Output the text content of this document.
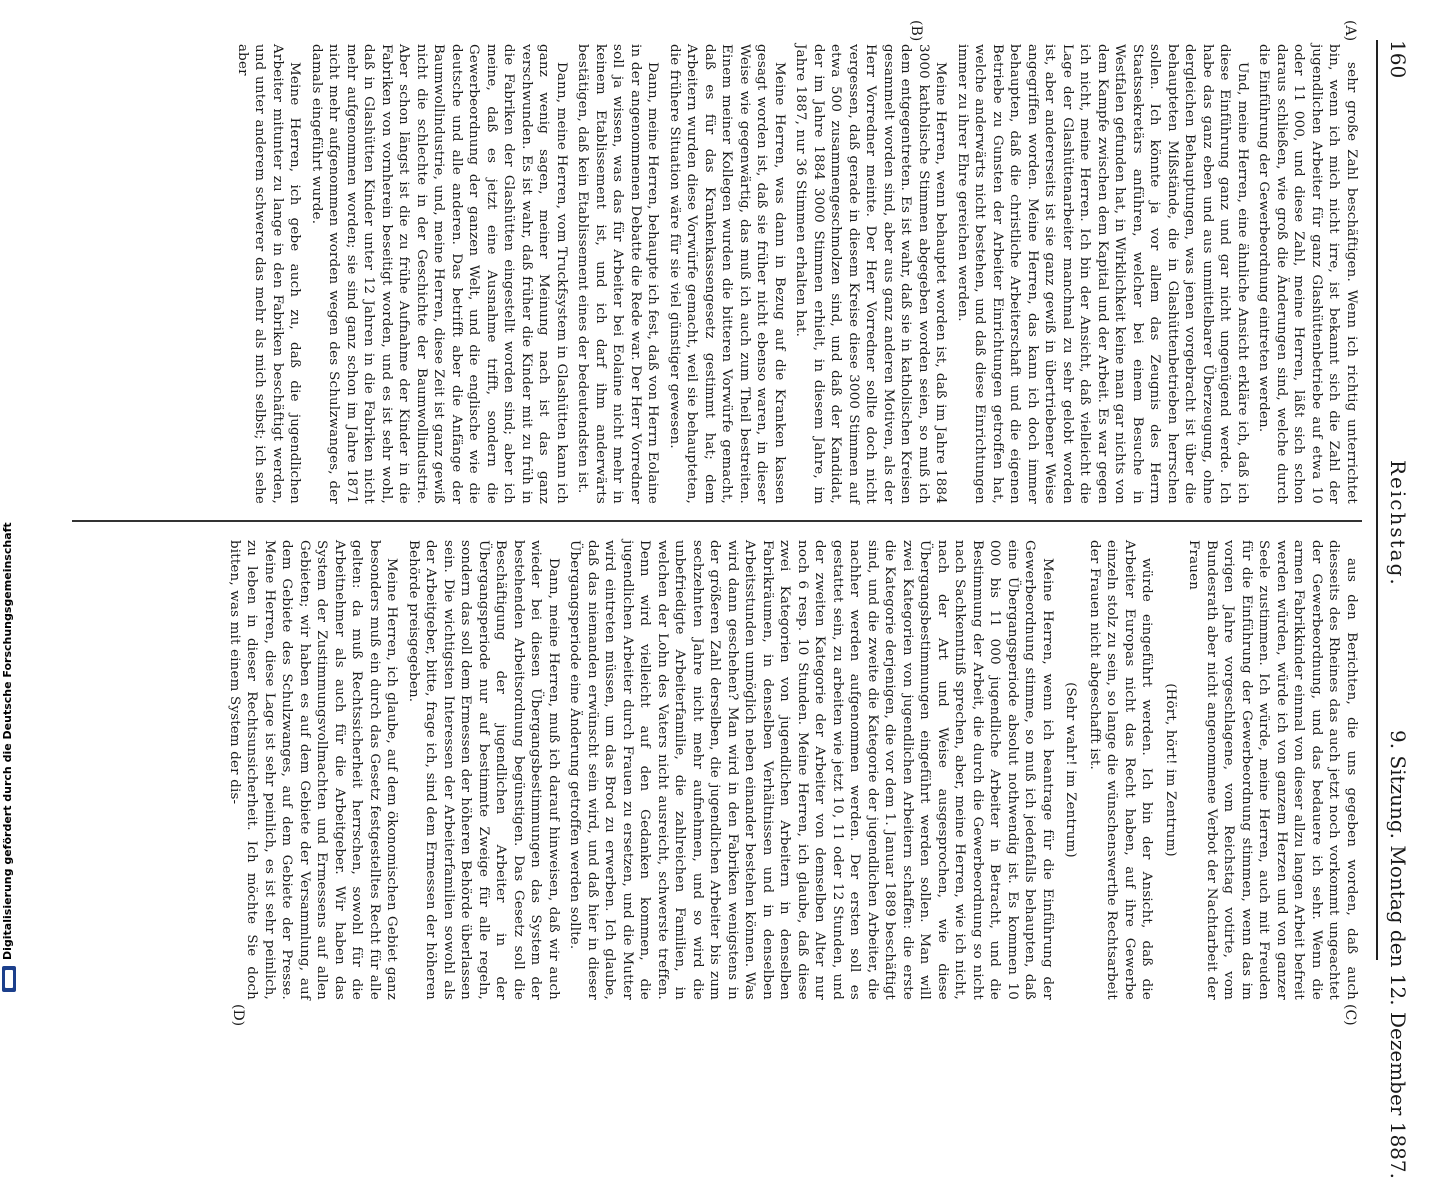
Digitalisierung gefördert durch die Deutsche Forschungsgemeinschaft
160
Reichstag.
9. Sitzung. Montag den 12. Dezember 1887.
(A)
(B)
(C)
(D)

sehr große Zahl beschäftigen. Wenn ich richtig unterrichtet bin, wenn ich mich nicht irre, ist bekannt sich die Zahl der jugendlichen Arbeiter für ganz Glashüttenbetriebe auf etwa 10 oder 11 000, und diese Zahl, meine Herren, läßt sich schon daraus schließen, wie groß die Änderungen sind, welche durch die Einführung der Gewerbeordnung eintreten werden.

Und, meine Herren, eine ähnliche Ansicht erkläre ich, daß ich diese Einführung ganz und gar nicht ungenügend werde. Ich habe das ganz eben und aus unmittelbarer Überzeugung, ohne dergleichen Behauptungen, was jenen vorgebracht ist über die behaupteten Mißstände, die in Glashüttenbetrieben herrschen sollen. Ich könnte ja vor allem das Zeugnis des Herrn Staatssekretärs anführen, welcher bei einem Besuche in Westfalen gefunden hat, in Wirklichkeit keine man gar nichts von dem Kampfe zwischen dem Kapital und der Arbeit. Es war gegen ich nicht, meine Herren. Ich bin der Ansicht, daß vielleicht die Lage der Glashüttenarbeiter manchmal zu sehr gelobt worden ist, aber andererseits ist sie ganz gewiß in übertriebener Weise angegriffen worden. Meine Herren, das kann ich doch immer behaupten, daß die christliche Arbeiterschaft und die eigenen Betriebe zu Gunsten der Arbeiter Einrichtungen getroffen hat, welche anderwärts nicht bestehen, und daß diese Einrichtungen immer zu ihrer Ehre gereichen werden.

Meine Herren, wenn behauptet worden ist, daß im Jahre 1884 3000 katholische Stimmen abgegeben worden seien, so muß ich dem entgegentreten. Es ist wahr, daß sie in katholischen Kreisen gesammelt worden sind, aber aus ganz anderen Motiven, als der Herr Vorredner meinte. Der Herr Vorredner sollte doch nicht vergessen, daß gerade in diesem Kreise diese 3000 Stimmen auf etwa 500 zusammengeschmolzen sind, und daß der Kandidat, der im Jahre 1884 3000 Stimmen erhielt, in diesem Jahre, im Jahre 1887, nur 36 Stimmen erhalten hat.

Meine Herren, was dann in Bezug auf die Kranken kassen gesagt worden ist, daß sie früher nicht ebenso waren, in dieser Weise wie gegenwärtig, das muß ich auch zum Theil bestreiten. Einem meiner Kollegen wurden die bitteren Vorwürfe gemacht, daß es für das Krankenkassengesetz gestimmt hat; dem Arbeitern wurden diese Vorwürfe gemacht, weil sie behaupteten, die frühere Situation wäre für sie viel günstiger gewesen.

Dann, meine Herren, behaupte ich fest, daß von Herrn Eolaine in der angenommenen Debatte die Rede war. Der Herr Vorredner soll ja wissen, was das für Arbeiter bei Eolaine nicht mehr in keinem Etablissement ist, und ich darf ihm anderwärts bestätigen, daß kein Etablissement eines der bedeutendsten ist.

Dann, meine Herren, vom Truckfsystem in Glashütten kann ich ganz wenig sagen, meiner Meinung nach ist das ganz verschwunden. Es ist wahr, daß früher die Kinder mit zu früh in die Fabriken der Glashütten eingestellt worden sind; aber ich meine, daß es jetzt eine Ausnahme trifft, sondern die Gewerbeordnung der ganzen Welt, und die englische wie die deutsche und alle anderen. Das betrifft aber die Anfänge der Baumwollindustrie, und, meine Herren, diese Zeit ist ganz gewiß nicht die schlechte in der Geschichte der Baumwollindustrie. Aber schon längst ist die zu frühe Aufnahme der Kinder in die Fabriken von vornherein beseitigt worden, und es ist sehr wohl, daß in Glashütten Kinder unter 12 Jahren in die Fabriken nicht mehr aufgenommen worden; sie sind ganz schon im Jahre 1871 nicht mehr aufgenommen worden wegen des Schulzwanges, der damals eingeführt wurde.

Meine Herren, ich gebe auch zu, daß die jugendlichen Arbeiter mitunter zu lange in den Fabriken beschäftigt werden, und unter anderem schwerer das mehr als mich selbst; ich sehe aber

aus den Berichten, die uns gegeben worden, daß auch diesseits des Rheines das auch jetzt noch vorkommt ungeachtet der Gewerbeordnung, und das bedauere ich sehr. Wenn die armen Fabrikkinder einmal von dieser allzu langen Arbeit befreit werden würden, würde ich von ganzem Herzen und von ganzer Seele zustimmen. Ich würde, meine Herren, auch mit Freuden für die Einführung der Gewerbeordnung stimmen, wenn das im vorigen Jahre vorgeschlagene, vom Reichstag votirte, vom Bundesrath aber nicht angenommene Verbot der Nachtarbeit der Frauen

(Hört, hört! im Zentrum)

würde eingeführt werden. Ich bin der Ansicht, daß die Arbeiter Europas nicht das Recht haben, auf ihre Gewerbe einzeln stolz zu sein, so lange die wünschenswerthe Rechtsarbeit der Frauen nicht abgeschafft ist.

(Sehr wahr! im Zentrum)

Meine Herren, wenn ich beantrage für die Einführung der Gewerbeordnung stimme, so muß ich jedenfalls behaupten, daß eine Übergangsperiode absolut nothwendig ist. Es kommen 10 000 bis 11 000 jugendliche Arbeiter in Betracht, und die Bestimmung der Arbeit, die durch die Gewerbeordnung so nicht nach Sachkenntniß sprechen, aber, meine Herren, wie ich nicht, nach der Art und Weise ausgesprochen, wie diese Übergangsbestimmungen eingeführt werden sollen. Man will zwei Kategorien von jugendlichen Arbeitern schaffen: die erste die Kategorie derjenigen, die vor dem 1. Januar 1889 beschäftigt sind, und die zweite die Kategorie der jugendlichen Arbeiter, die nachher werden aufgenommen werden. Der ersten soll es gestattet sein, zu arbeiten wie jetzt 10, 11 oder 12 Stunden, und der zweiten Kategorie der Arbeiter von demselben Alter nur noch 6 resp. 10 Stunden. Meine Herren, ich glaube, daß diese zwei Kategorien von jugendlichen Arbeitern in denselben Fabrikräumen, in denselben Verhältnissen und in denselben Arbeitsstunden unmöglich neben einander bestehen können. Was wird dann geschehen? Man wird in den Fabriken wenigstens in der größeren Zahl derselben, die jugendlichen Arbeiter bis zum sechzehnten Jahre nicht mehr aufnehmen, und so wird die unbefriedigte Arbeiterfamilie, die zahlreichen Familien, in welchen der Lohn des Vaters nicht ausreicht, schwerste treffen. Denn wird vielleicht auf den Gedanken kommen, die jugendlichen Arbeiter durch Frauen zu ersetzen, und die Mutter wird eintreten müssen, um das Brod zu erwerben. Ich glaube, daß das niemanden erwünscht sein wird, und daß hier in dieser Übergangsperiode eine Änderung getroffen werden sollte.

Dann, meine Herren, muß ich darauf hinweisen, daß wir auch wieder bei diesen Übergangsbestimmungen das System der bestehenden Arbeitsordnung begünstigen. Das Gesetz soll die Beschäftigung der jugendlichen Arbeiter in der Übergangsperiode nur auf bestimmte Zweige für alle regeln, sondern das soll dem Ermessen der höheren Behörde überlassen sein. Die wichtigsten Interessen der Arbeiterfamilien sowohl als der Arbeitgeber, bitte, frage ich, sind dem Ermessen der höheren Behörde preisgegeben.

Meine Herren, ich glaube, auf dem ökonomischen Gebiet ganz besonders muß ein durch das Gesetz festgestelltes Recht für alle gelten: da muß Rechtssicherheit herrschen, sowohl für die Arbeitnehmer als auch für die Arbeitgeber. Wir haben das System der Zustimmungsvollmachten und Ermessens auf allen Gebieten; wir haben es auf dem Gebiete der Versammlung, auf dem Gebiete des Schulzwanges, auf dem Gebiete der Presse. Meine Herren, diese Lage ist sehr peinlich, es ist sehr peinlich, zu leben in dieser Rechtsunsicherheit. Ich möchte Sie doch bitten, was mit einem System der dis-
